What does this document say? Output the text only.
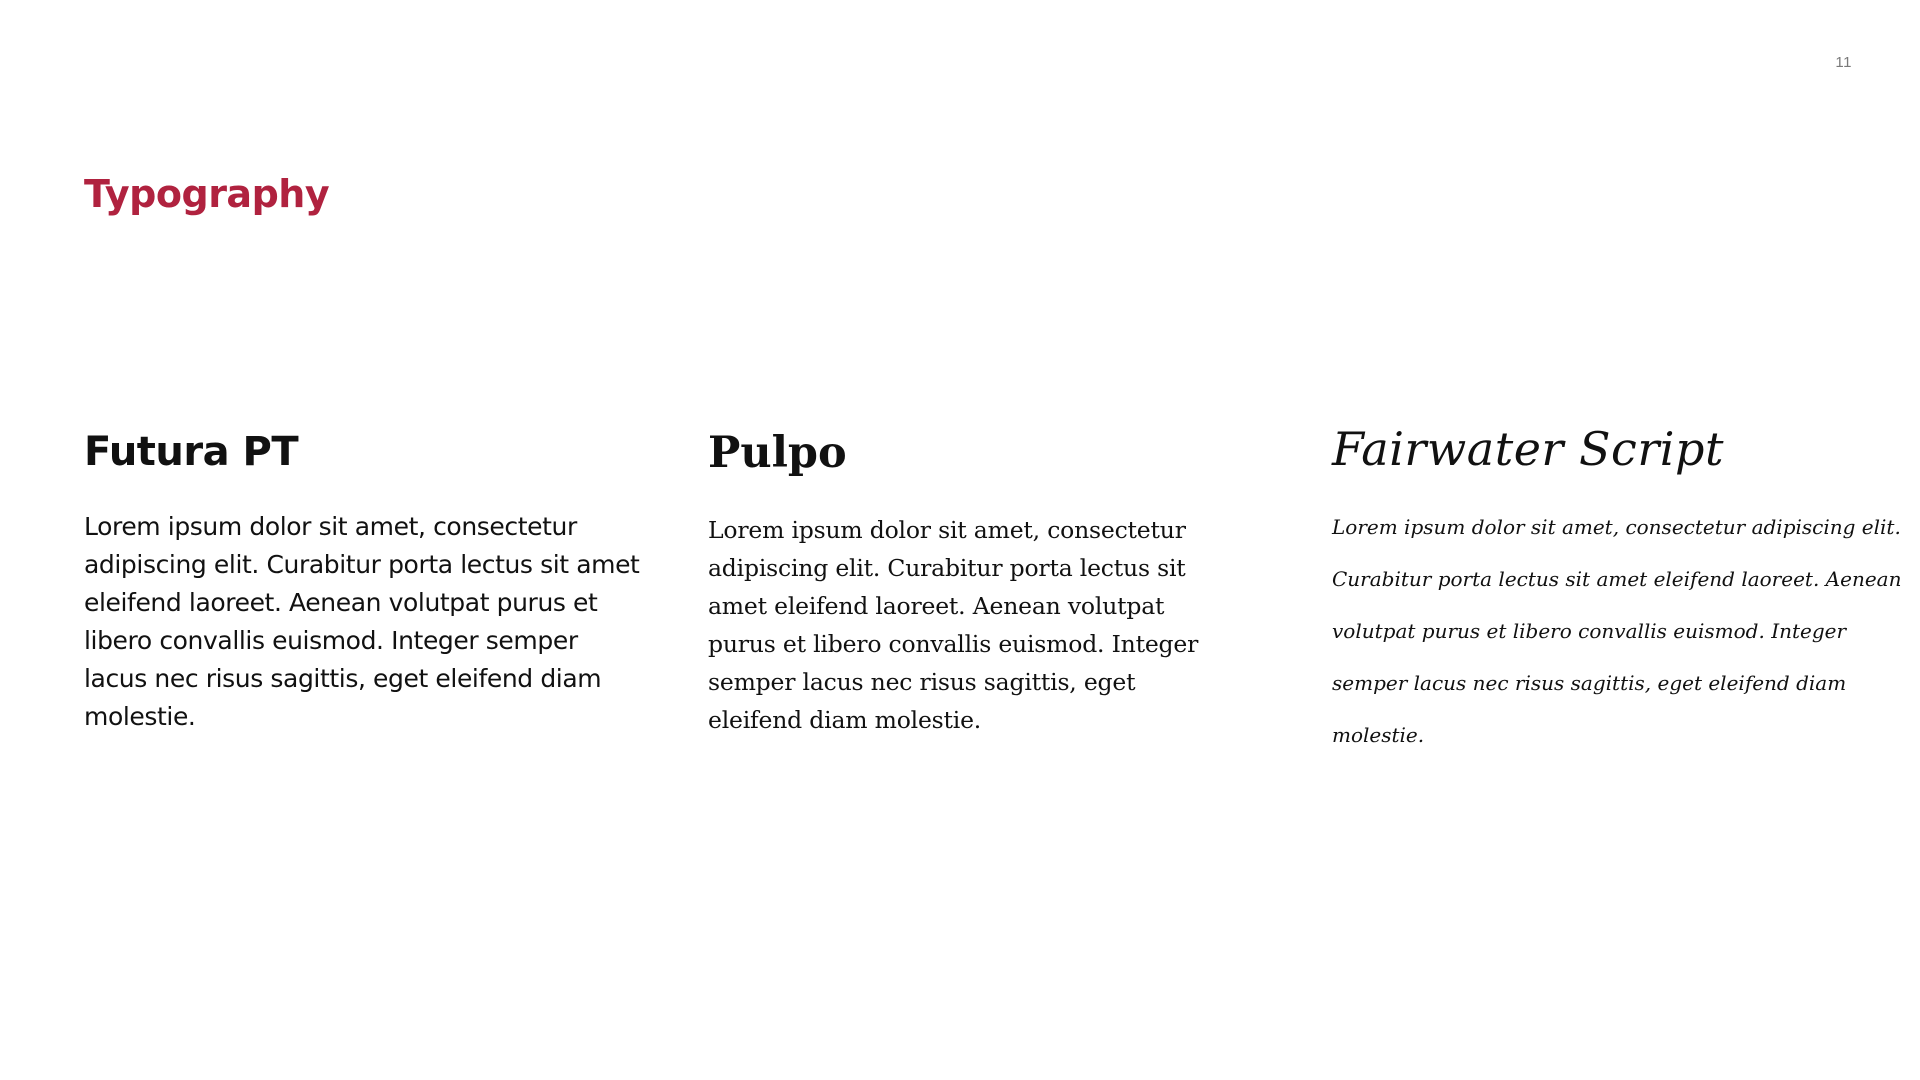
11
Typography
Futura PT

Lorem ipsum dolor sit amet, consectetur adipiscing elit. Curabitur porta lectus sit amet eleifend laoreet. Aenean volutpat purus et libero convallis euismod. Integer semper lacus nec risus sagittis, eget eleifend diam molestie.

Pulpo

Lorem ipsum dolor sit amet, consectetur adipiscing elit. Curabitur porta lectus sit amet eleifend laoreet. Aenean volutpat purus et libero convallis euismod. Integer semper lacus nec risus sagittis, eget eleifend diam molestie.

Fairwater Script

Lorem ipsum dolor sit amet, consectetur adipiscing elit. Curabitur porta lectus sit amet eleifend laoreet. Aenean volutpat purus et libero convallis euismod. Integer semper lacus nec risus sagittis, eget eleifend diam molestie.
